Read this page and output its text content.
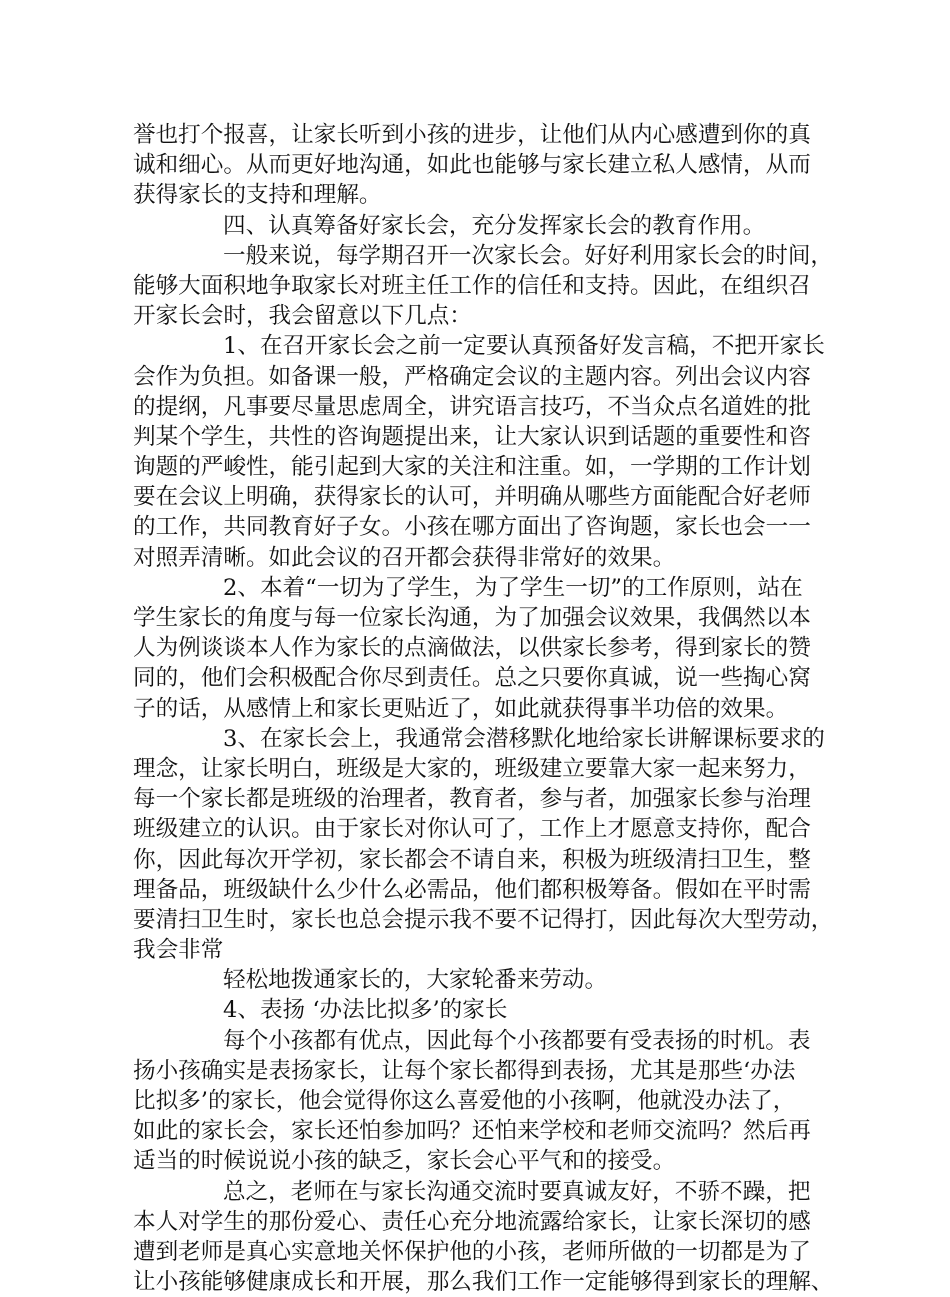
誉也打个报喜，让家长听到小孩的进步，让他们从内心感遭到你的真
诚和细心。从而更好地沟通，如此也能够与家长建立私人感情，从而
获得家长的支持和理解。
四、认真筹备好家长会，充分发挥家长会的教育作用。
一般来说，每学期召开一次家长会。好好利用家长会的时间，
能够大面积地争取家长对班主任工作的信任和支持。因此，在组织召
开家长会时，我会留意以下几点：
1、在召开家长会之前一定要认真预备好发言稿，不把开家长
会作为负担。如备课一般，严格确定会议的主题内容。列出会议内容
的提纲，凡事要尽量思虑周全，讲究语言技巧，不当众点名道姓的批
判某个学生，共性的咨询题提出来，让大家认识到话题的重要性和咨
询题的严峻性，能引起到大家的关注和注重。如，一学期的工作计划
要在会议上明确，获得家长的认可，并明确从哪些方面能配合好老师
的工作，共同教育好子女。小孩在哪方面出了咨询题，家长也会一一
对照弄清晰。如此会议的召开都会获得非常好的效果。
2、本着“一切为了学生，为了学生一切”的工作原则，站在
学生家长的角度与每一位家长沟通，为了加强会议效果，我偶然以本
人为例谈谈本人作为家长的点滴做法，以供家长参考，得到家长的赞
同的，他们会积极配合你尽到责任。总之只要你真诚，说一些掏心窝
子的话，从感情上和家长更贴近了，如此就获得事半功倍的效果。
3、在家长会上，我通常会潜移默化地给家长讲解课标要求的
理念，让家长明白，班级是大家的，班级建立要靠大家一起来努力，
每一个家长都是班级的治理者，教育者，参与者，加强家长参与治理
班级建立的认识。由于家长对你认可了，工作上才愿意支持你，配合
你，因此每次开学初，家长都会不请自来，积极为班级清扫卫生，整
理备品，班级缺什么少什么必需品，他们都积极筹备。假如在平时需
要清扫卫生时，家长也总会提示我不要不记得打，因此每次大型劳动，
我会非常
轻松地拨通家长的，大家轮番来劳动。
4、表扬 ‘办法比拟多’的家长
每个小孩都有优点，因此每个小孩都要有受表扬的时机。表
扬小孩确实是表扬家长，让每个家长都得到表扬，尤其是那些‘办法
比拟多’的家长，他会觉得你这么喜爱他的小孩啊，他就没办法了，
如此的家长会，家长还怕参加吗？还怕来学校和老师交流吗？然后再
适当的时候说说小孩的缺乏，家长会心平气和的接受。
总之，老师在与家长沟通交流时要真诚友好，不骄不躁，把
本人对学生的那份爱心、责任心充分地流露给家长，让家长深切的感
遭到老师是真心实意地关怀保护他的小孩，老师所做的一切都是为了
让小孩能够健康成长和开展，那么我们工作一定能够得到家长的理解、
